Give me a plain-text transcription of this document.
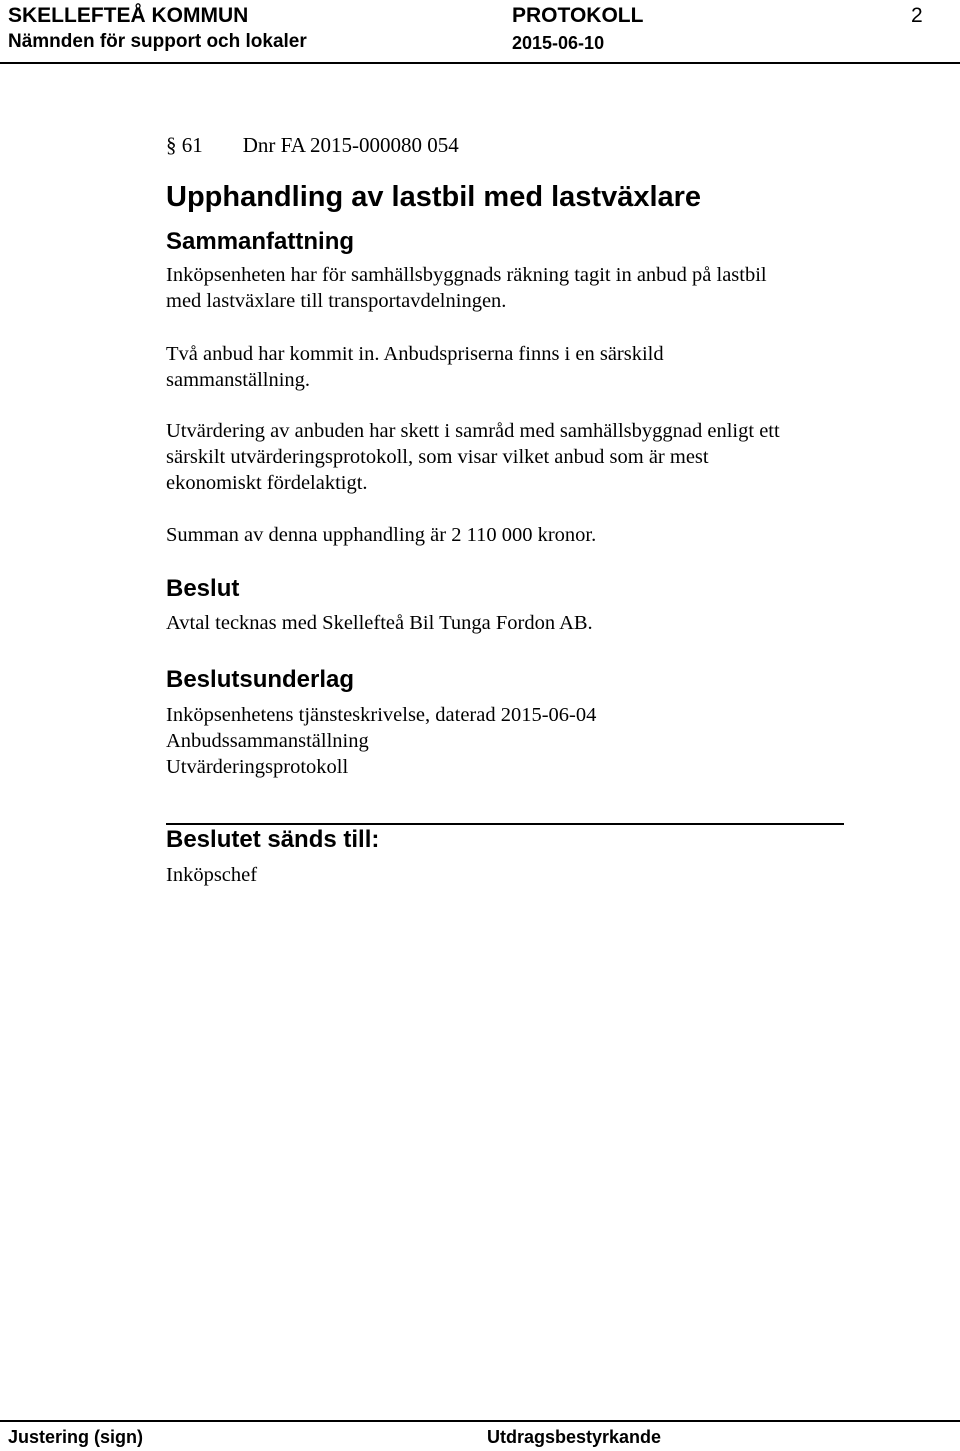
SKELLEFTEÅ KOMMUN	PROTOKOLL	2
Nämnden för support och lokaler	2015-06-10
§ 61 Dnr FA 2015-000080 054
Upphandling av lastbil med lastväxlare
Sammanfattning
Inköpsenheten har för samhällsbyggnads räkning tagit in anbud på lastbil
med lastväxlare till transportavdelningen.
Två anbud har kommit in. Anbudspriserna finns i en särskild
sammanställning.
Utvärdering av anbuden har skett i samråd med samhällsbyggnad enligt ett
särskilt utvärderingsprotokoll, som visar vilket anbud som är mest
ekonomiskt fördelaktigt.
Summan av denna upphandling är 2 110 000 kronor.
Beslut
Avtal tecknas med Skellefteå Bil Tunga Fordon AB.
Beslutsunderlag
Inköpsenhetens tjänsteskrivelse, daterad 2015-06-04
Anbudssammanställning
Utvärderingsprotokoll
Beslutet sänds till:
Inköpschef
Justering (sign)	Utdragsbestyrkande
